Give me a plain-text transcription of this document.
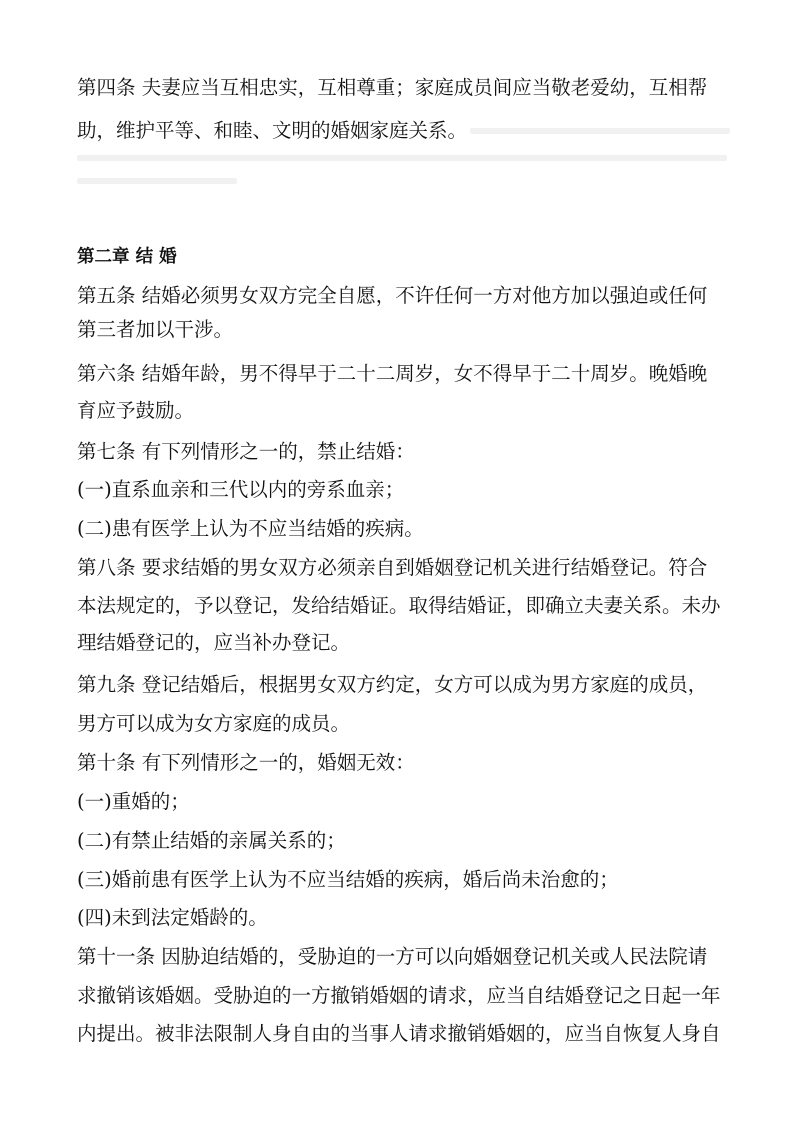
第四条 夫妻应当互相忠实，互相尊重；家庭成员间应当敬老爱幼，互相帮
助，维护平等、和睦、文明的婚姻家庭关系。
第二章 结 婚
第五条 结婚必须男女双方完全自愿，不许任何一方对他方加以强迫或任何
第三者加以干涉。
第六条 结婚年龄，男不得早于二十二周岁，女不得早于二十周岁。晚婚晚
育应予鼓励。
第七条 有下列情形之一的，禁止结婚：
(一)直系血亲和三代以内的旁系血亲；
(二)患有医学上认为不应当结婚的疾病。
第八条 要求结婚的男女双方必须亲自到婚姻登记机关进行结婚登记。符合
本法规定的，予以登记，发给结婚证。取得结婚证，即确立夫妻关系。未办
理结婚登记的，应当补办登记。
第九条 登记结婚后，根据男女双方约定，女方可以成为男方家庭的成员，
男方可以成为女方家庭的成员。
第十条 有下列情形之一的，婚姻无效：
(一)重婚的；
(二)有禁止结婚的亲属关系的；
(三)婚前患有医学上认为不应当结婚的疾病，婚后尚未治愈的；
(四)未到法定婚龄的。
第十一条 因胁迫结婚的，受胁迫的一方可以向婚姻登记机关或人民法院请
求撤销该婚姻。受胁迫的一方撤销婚姻的请求，应当自结婚登记之日起一年
内提出。被非法限制人身自由的当事人请求撤销婚姻的，应当自恢复人身自
